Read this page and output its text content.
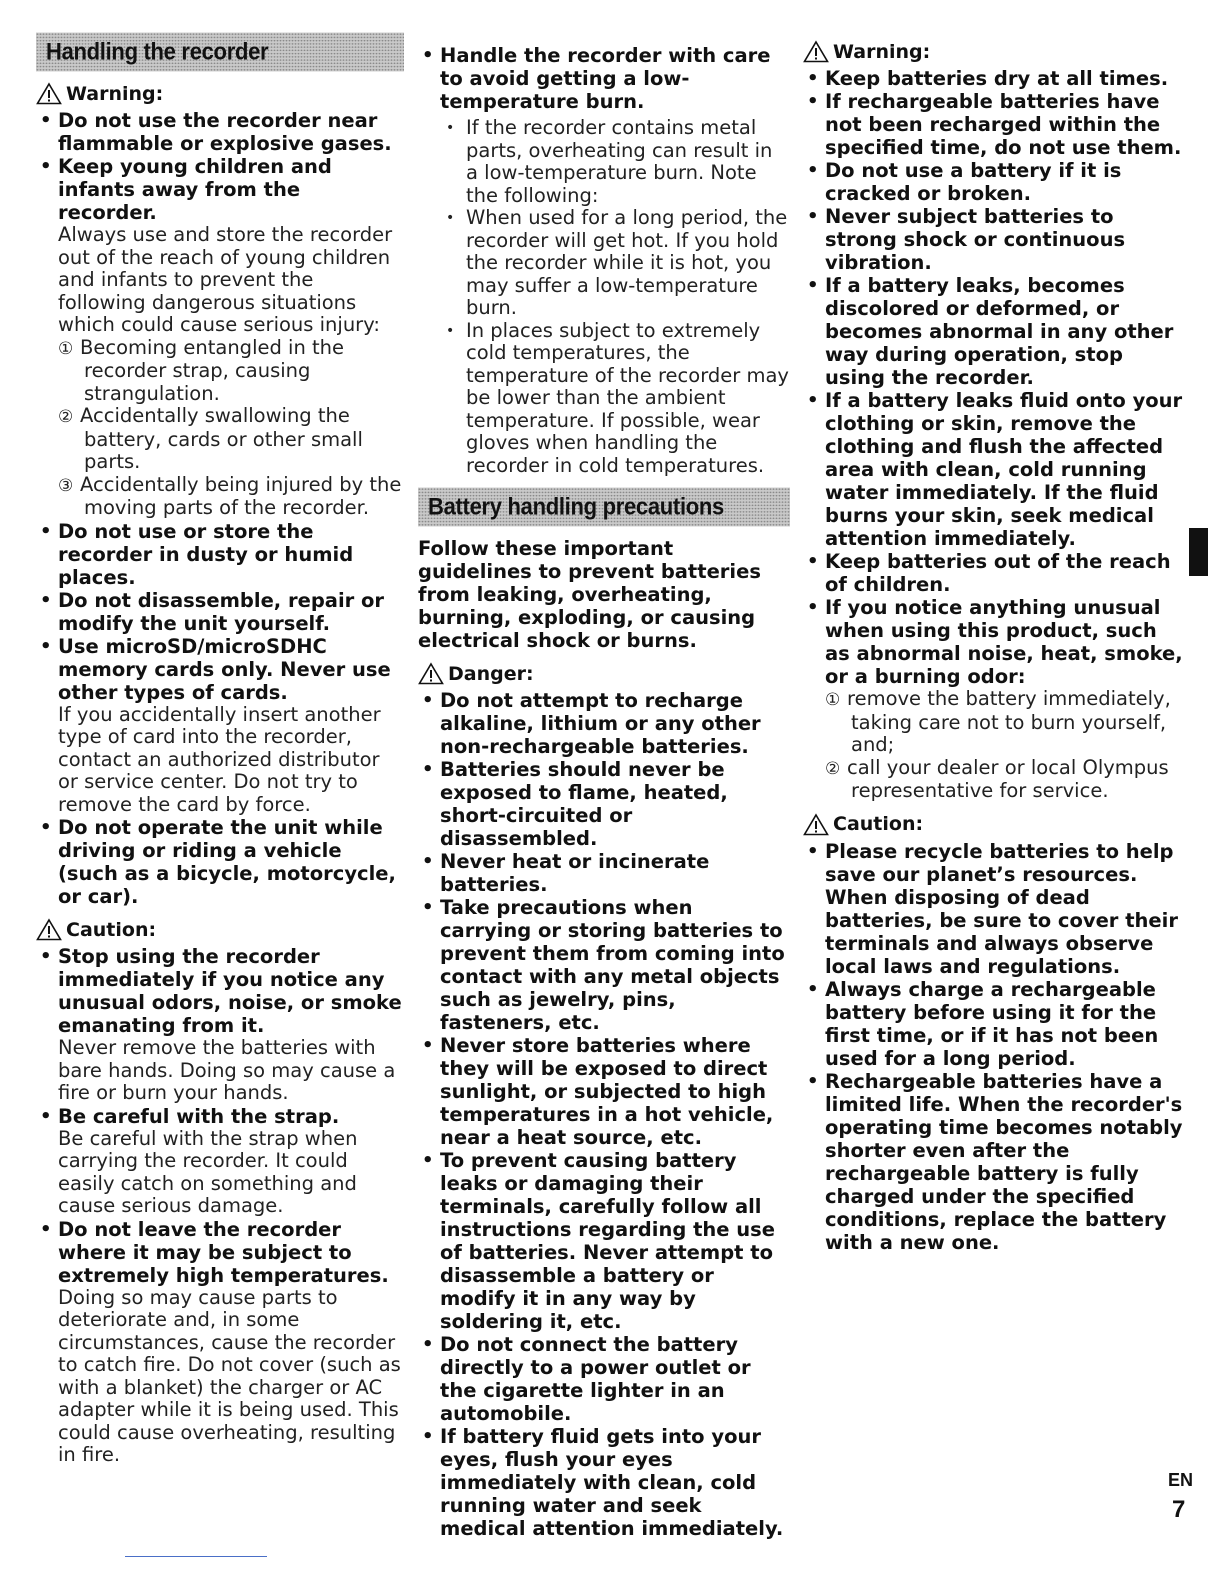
Handling the recorder
Warning:
• Do not use the recorder near flammable or explosive gases.
• Keep young children and infants away from the recorder.
Always use and store the recorder out of the reach of young children and infants to prevent the following dangerous situations which could cause serious injury:
① Becoming entangled in the recorder strap, causing strangulation.
② Accidentally swallowing the battery, cards or other small parts.
③ Accidentally being injured by the moving parts of the recorder.
• Do not use or store the recorder in dusty or humid places.
• Do not disassemble, repair or modify the unit yourself.
• Use microSD/microSDHC memory cards only. Never use other types of cards.
If you accidentally insert another type of card into the recorder, contact an authorized distributor or service center. Do not try to remove the card by force.
• Do not operate the unit while driving or riding a vehicle (such as a bicycle, motorcycle, or car).
Caution:
• Stop using the recorder immediately if you notice any unusual odors, noise, or smoke emanating from it.
Never remove the batteries with bare hands. Doing so may cause a fire or burn your hands.
• Be careful with the strap.
Be careful with the strap when carrying the recorder. It could easily catch on something and cause serious damage.
• Do not leave the recorder where it may be subject to extremely high temperatures.
Doing so may cause parts to deteriorate and, in some circumstances, cause the recorder to catch fire. Do not cover (such as with a blanket) the charger or AC adapter while it is being used. This could cause overheating, resulting in fire.
• Handle the recorder with care to avoid getting a low-temperature burn.
• If the recorder contains metal parts, overheating can result in a low-temperature burn. Note the following:
• When used for a long period, the recorder will get hot. If you hold the recorder while it is hot, you may suffer a low-temperature burn.
• In places subject to extremely cold temperatures, the temperature of the recorder may be lower than the ambient temperature. If possible, wear gloves when handling the recorder in cold temperatures.
Battery handling precautions

Follow these important guidelines to prevent batteries from leaking, overheating, burning, exploding, or causing electrical shock or burns.

Danger:
• Do not attempt to recharge alkaline, lithium or any other non-rechargeable batteries.
• Batteries should never be exposed to flame, heated, short-circuited or disassembled.
• Never heat or incinerate batteries.
• Take precautions when carrying or storing batteries to prevent them from coming into contact with any metal objects such as jewelry, pins, fasteners, etc.
• Never store batteries where they will be exposed to direct sunlight, or subjected to high temperatures in a hot vehicle, near a heat source, etc.
• To prevent causing battery leaks or damaging their terminals, carefully follow all instructions regarding the use of batteries. Never attempt to disassemble a battery or modify it in any way by soldering it, etc.
• Do not connect the battery directly to a power outlet or the cigarette lighter in an automobile.
• If battery fluid gets into your eyes, flush your eyes immediately with clean, cold running water and seek medical attention immediately.
Warning:
• Keep batteries dry at all times.
• If rechargeable batteries have not been recharged within the specified time, do not use them.
• Do not use a battery if it is cracked or broken.
• Never subject batteries to strong shock or continuous vibration.
• If a battery leaks, becomes discolored or deformed, or becomes abnormal in any other way during operation, stop using the recorder.
• If a battery leaks fluid onto your clothing or skin, remove the clothing and flush the affected area with clean, cold running water immediately. If the fluid burns your skin, seek medical attention immediately.
• Keep batteries out of the reach of children.
• If you notice anything unusual when using this product, such as abnormal noise, heat, smoke, or a burning odor:
① remove the battery immediately, taking care not to burn yourself, and;
② call your dealer or local Olympus representative for service.
Caution:
• Please recycle batteries to help save our planet’s resources. When disposing of dead batteries, be sure to cover their terminals and always observe local laws and regulations.
• Always charge a rechargeable battery before using it for the first time, or if it has not been used for a long period.
• Rechargeable batteries have a limited life. When the recorder's operating time becomes notably shorter even after the rechargeable battery is fully charged under the specified conditions, replace the battery with a new one.
EN
7
